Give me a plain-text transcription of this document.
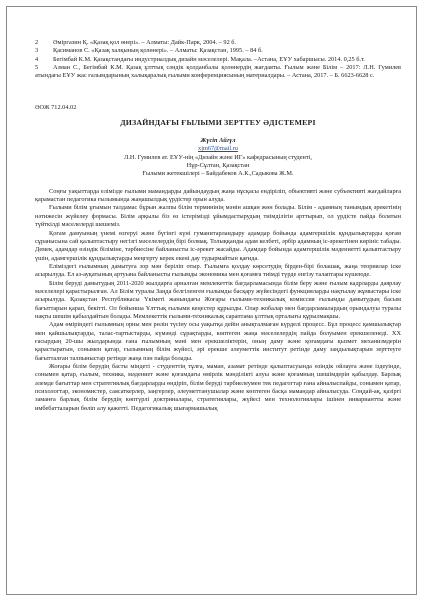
2 Әміргазин Қ. «Қазақ қол өнері». – Алматы: Дайк-Парк, 2004. – 92 б.
3 Қасиманов С. «Қазақ халқының қолөнері». – Алматы: Қазақстан, 1995. – 84 б.
4 Бегімбай К.М. Қазақстандағы индустриалдық дизайн мәселелері. Мақала. –Астана, ЕҰУ хабаршысы. 2014. 0,25 б.т.
5 Азмаи С., Бегімбай К.М. Қазақ ұлттық сәндік қолданбалы қолөнердің жағдаяты. Ғылым және Білім – 2017: Л.Н. Гумилев атындағы ЕҰУ жас ғалымдарының халықаралық ғылыми конференциясының материалдары. – Астана, 2017. – Б. 6623-6628 с.
ӘОЖ 712.04.02
ДИЗАЙНДАҒЫ ҒЫЛЫМИ ЗЕРТТЕУ ӘДІСТЕМЕРІ
Жүсіп Айгүл
xjm67@mail.ru
Л.Н. Гумилев ат. ЕҰУ-нің «Дизайн және ИГ» кафедрасының студенті,
Нұр-Сұлтан, Қазақстан
Ғылыми жетекшілері – Байдабеков А.К.,Садыкова Ж.М.

Соңғы уақыттарда елімізде ғылыми мамандарды дайындаудың жаңа нұсқасы ендіріліп, объективті және субъективті жағдайларға қарамастан педагогика ғылымында жаңашылдық үрдістер орын алуда.

Ғылыми білім ұғымын талдамас бұрын жалпы білім терминінің мәнін ашқан жөн болады. Білім - адамның танымдық әрекетінің нәтижесін жүйелеу формасы. Білім арқылы біз өз істеріміздi ұйымдастырудың тиімділігін арттырып, ол үрдісте пайда болатын түйткілді мәселелерді шешеміз.

Қоғам дамуының үнемі өзгеруі және бүгінгі күні гуманитарландыру адамдар бойында адамгершілік құндылықтарды қоғам сұранысына сай қалыптастыру негізгі мәселелердің бірі болмақ. Толыққанды адам келбеті, әрбір адамның іс-әрекетінен көрініс табады. Демек, адамдар өзіндік біліміне, тәрбиесіне байланысты іс-әрекет жасайды. Адамдар бойында адамгершілік мәдениетті қалыптастыру үшін, адамгершілік құндылықтарды меңгерту керек екені дау тудырмайтын қағида.

Еліміздегі ғылымның дамытуға зор мән беріліп отыр. Ғылымға қолдау көрсетудің бірден-бірі болашақ, жаңа теориялар іске асырылуда. Ел аз-ауқатының артуына байланысты ғылымды экономика мен қоғамға тиімді түрде енгізу талаптары күшеюде.

Білім беруді дамытудың 2011-2020 жылдарға арналған мемлекеттік бағдарламасында білім беру және ғылым кадрларды даярлау мәселелері қарастырылған. Ал Білім туралы Заңда белгіленген ғылымды басқару жүйесіндегі функцияларды нақтылау жұмыстары іске асырылуда. Қазақстан Республикасы Үкіметі жанындағы Жоғары ғылыми-техникалық комиссия ғылымды дамытудың басым бағыттарын қарап, бекітті. Ол бойынша Ұлттық ғылыми кеңестер құрылды. Олар жобалар мен бағдарламалардың орындалуы туралы нақты шешім қабылдайтын болады. Мемлекеттік ғылыми-техникалық сараптама ұлттық орталығы құрылмақшы.

Адам өміріндегі ғылымның орны мен рөлін түсіну осы уақытқа дейін анықталмаған күрделі процесс. Бұл процесс қамшылықтар мен қайшылықтарды, талас-тартыстарды, күмәнді сұрақтарды, көптеген жаңа мәселелердің пайда болуымен ерекшеленеді. XX ғасырдың 20-шы жылдарында ғана ғылымның мәні мен ерекшеліктерін, оның даму және қоғамдағы қызмет механизмдерін қарастыратын, сонымен қатар, ғылымның білім жүйесі, әрі ерекше әлеуметтік институт ретінде даму заңдылықтарын зерттеуге бағытталған талпыныстар ретінде жаңа пән пайда болады.

Жоғары білім берудің басты міндеті - студенттің тұлға, маман, азамат ретінде қалыптасуында өзіндік ойлауға және іздеуінде, сонымен қатар, ғылым, техника, мәдениет және қоғамдағы өмірлік мәнділікті алуы және қоғамның шешімдерін қабылдау. Барлық әлемде бағыттар мен стратегиялық бағдарларды өндіріп, білім беруді тарбиелеумен тек педагогтар ғана айналыспайды, сонымен қатар, психологтар, экономистер, саясаткерлер, заңгерлер, әлеуметтанушылар және көптеген басқа мамандар айналысуда. Соңдай-ақ, қазіргі заманға барлық білім берудің көптүрлі доктриналары, стратегиялары, жүйесі мен технологиялары ішінен инвариантты және имбебатталарын бөліп алу қажетті. Педагогикалық шығармашылық
